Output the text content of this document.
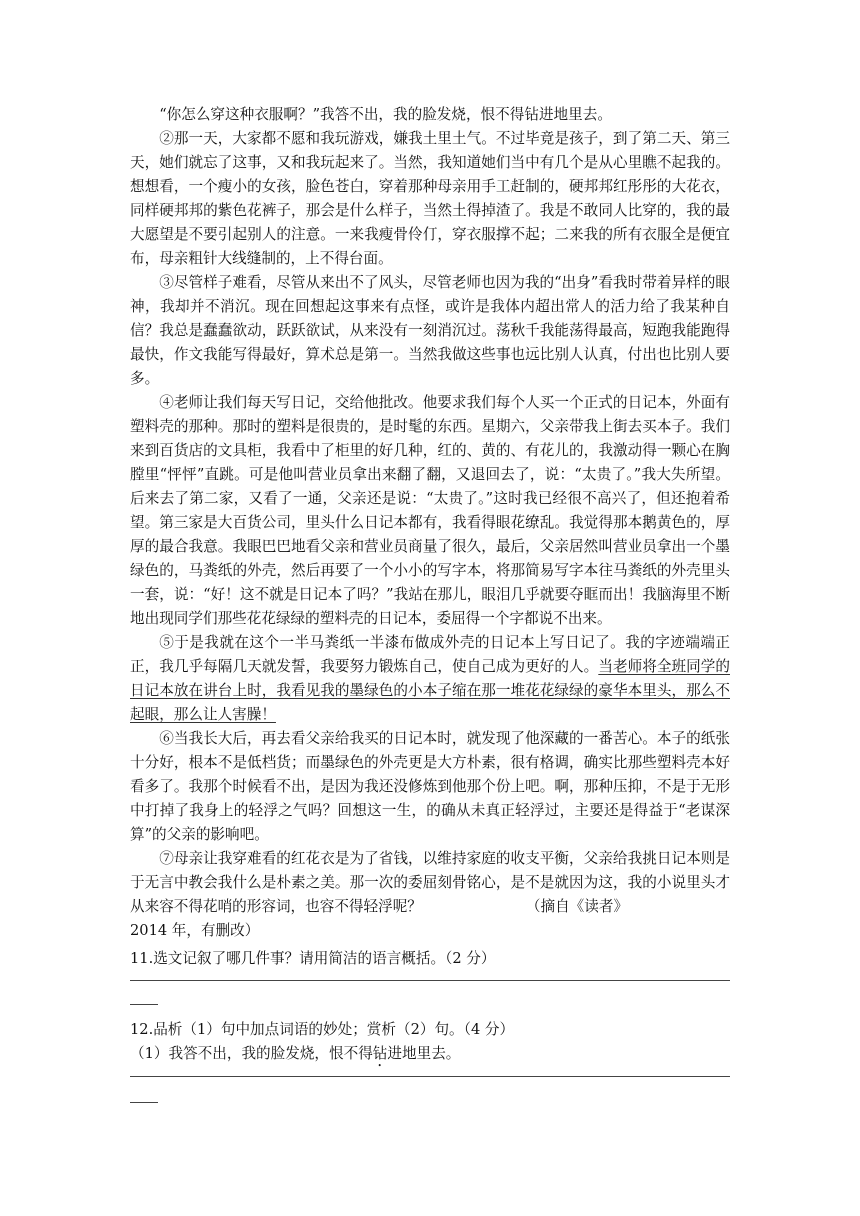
“你怎么穿这种衣服啊？”我答不出，我的脸发烧，恨不得钻进地里去。

②那一天，大家都不愿和我玩游戏，嫌我土里土气。不过毕竟是孩子，到了第二天、第三天，她们就忘了这事，又和我玩起来了。当然，我知道她们当中有几个是从心里瞧不起我的。想想看，一个瘦小的女孩，脸色苍白，穿着那种母亲用手工赶制的，硬邦邦红彤彤的大花衣，同样硬邦邦的紫色花裤子，那会是什么样子，当然土得掉渣了。我是不敢同人比穿的，我的最大愿望是不要引起别人的注意。一来我瘦骨伶仃，穿衣服撑不起；二来我的所有衣服全是便宜布，母亲粗针大线缝制的，上不得台面。

③尽管样子难看，尽管从来出不了风头，尽管老师也因为我的“出身”看我时带着异样的眼神，我却并不消沉。现在回想起这事来有点怪，或许是我体内超出常人的活力给了我某种自信？我总是蠢蠢欲动，跃跃欲试，从来没有一刻消沉过。荡秋千我能荡得最高，短跑我能跑得最快，作文我能写得最好，算术总是第一。当然我做这些事也远比别人认真，付出也比别人要多。

④老师让我们每天写日记，交给他批改。他要求我们每个人买一个正式的日记本，外面有塑料壳的那种。那时的塑料是很贵的，是时髦的东西。星期六，父亲带我上街去买本子。我们来到百货店的文具柜，我看中了柜里的好几种，红的、黄的、有花儿的，我激动得一颗心在胸膛里“怦怦”直跳。可是他叫营业员拿出来翻了翻，又退回去了，说：“太贵了。”我大失所望。后来去了第二家，又看了一通，父亲还是说：“太贵了。”这时我已经很不高兴了，但还抱着希望。第三家是大百货公司，里头什么日记本都有，我看得眼花缭乱。我觉得那本鹅黄色的，厚厚的最合我意。我眼巴巴地看父亲和营业员商量了很久，最后，父亲居然叫营业员拿出一个墨绿色的，马粪纸的外壳，然后再要了一个小小的写字本，将那简易写字本往马粪纸的外壳里头一套，说：“好！这不就是日记本了吗？”我站在那儿，眼泪几乎就要夺眶而出！我脑海里不断地出现同学们那些花花绿绿的塑料壳的日记本，委屈得一个字都说不出来。

⑤于是我就在这个一半马粪纸一半漆布做成外壳的日记本上写日记了。我的字迹端端正正，我几乎每隔几天就发誓，我要努力锻炼自己，使自己成为更好的人。当老师将全班同学的日记本放在讲台上时，我看见我的墨绿色的小本子缩在那一堆花花绿绿的豪华本里头，那么不起眼，那么让人害臊！

⑥当我长大后，再去看父亲给我买的日记本时，就发现了他深藏的一番苦心。本子的纸张十分好，根本不是低档货；而墨绿色的外壳更是大方朴素，很有格调，确实比那些塑料壳本好看多了。我那个时候看不出，是因为我还没修炼到他那个份上吧。啊，那种压抑，不是于无形中打掉了我身上的轻浮之气吗？回想这一生，的确从未真正轻浮过，主要还是得益于“老谋深算”的父亲的影响吧。

⑦母亲让我穿难看的红花衣是为了省钱，以维持家庭的收支平衡，父亲给我挑日记本则是于无言中教会我什么是朴素之美。那一次的委屈刻骨铭心，是不是就因为这，我的小说里头才从来容不得花哨的形容词，也容不得轻浮呢？	（摘自《读者》

2014 年，有删改）

11.选文记叙了哪几件事？请用简洁的语言概括。（2 分）

12.品析（1）句中加点词语的妙处；赏析（2）句。（4 分）

（1）我答不出，我的脸发烧，恨不得钻进地里去。
